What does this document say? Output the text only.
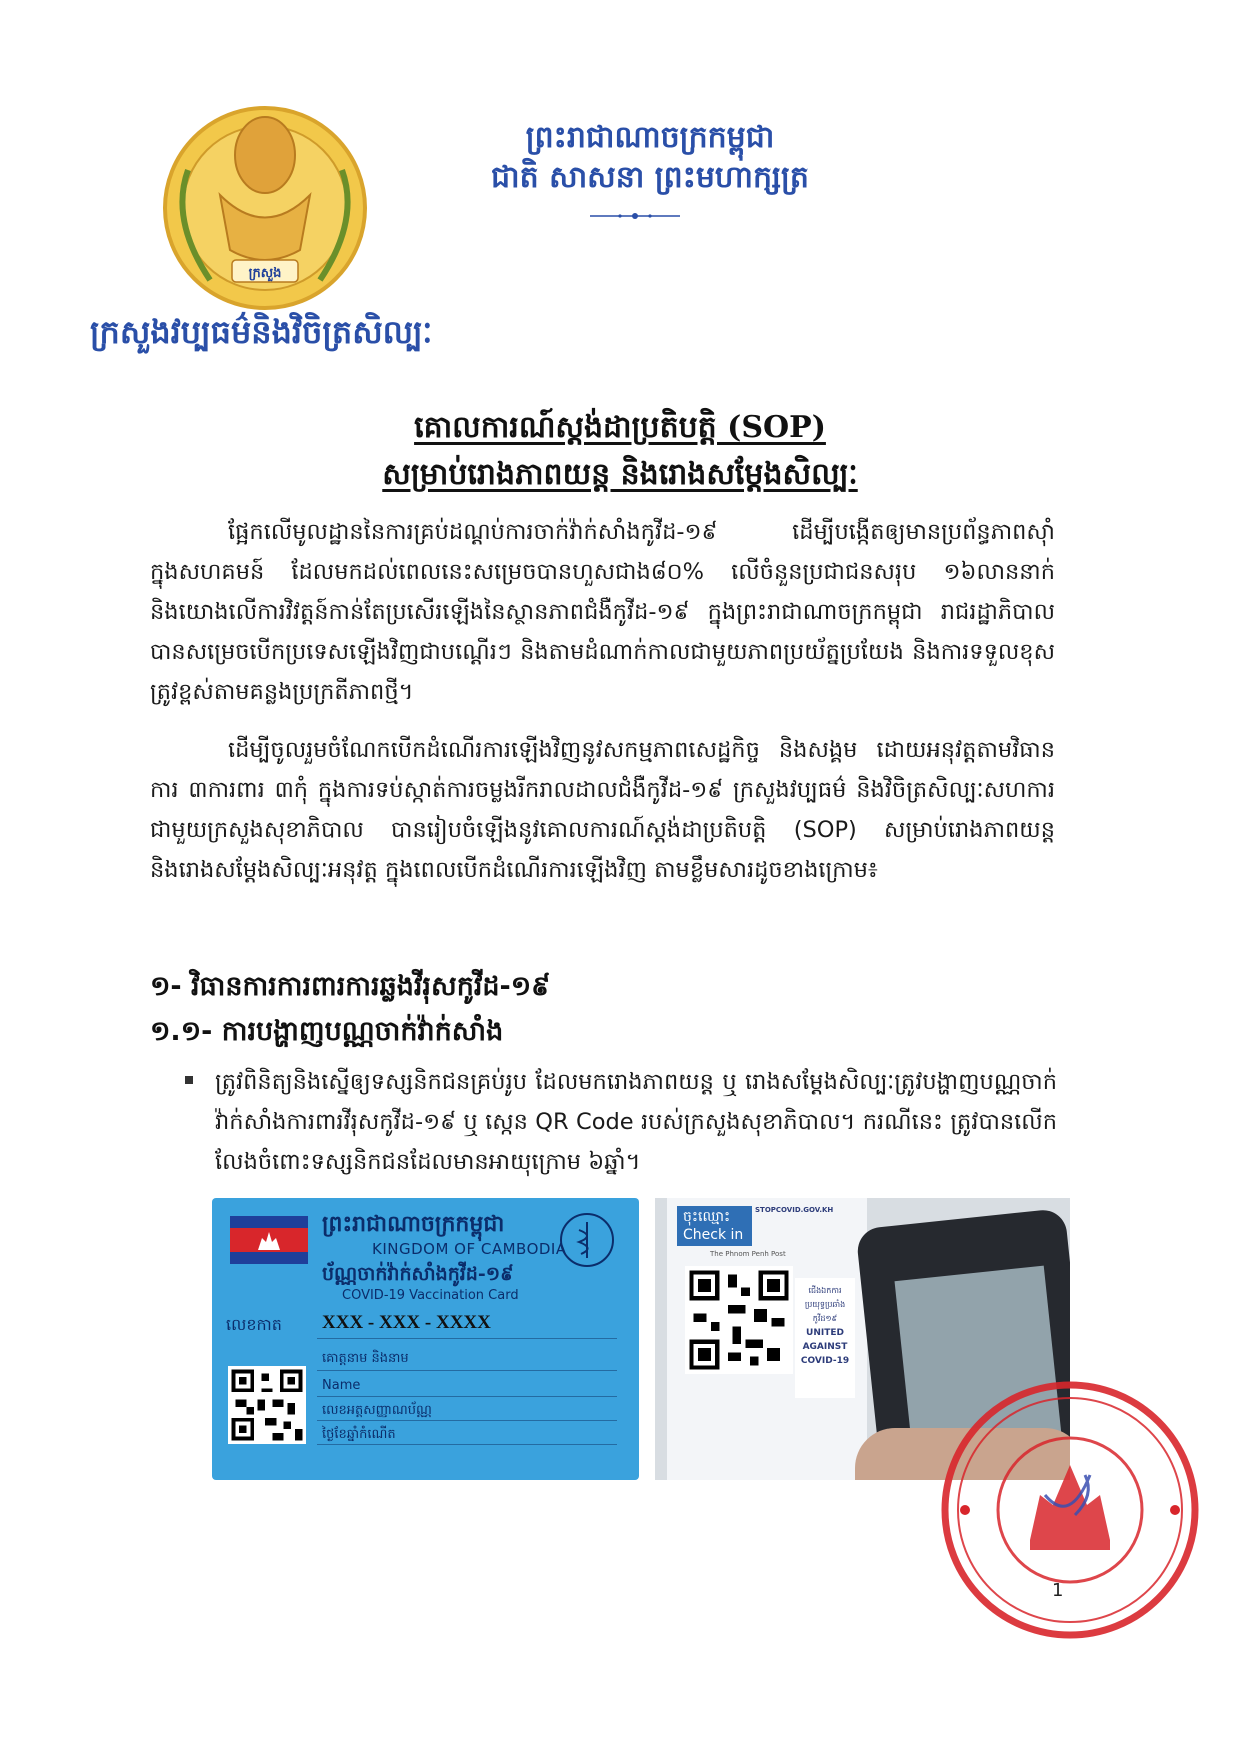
ក្រសួង
ព្រះរាជាណាចក្រកម្ពុជា
ជាតិ សាសនា ព្រះមហាក្សត្រ
ក្រសួងវប្បធម៌និងវិចិត្រសិល្បៈ
គោលការណ៍ស្តង់ដាប្រតិបត្តិ (SOP)
សម្រាប់រោងភាពយន្ត និងរោងសម្តែងសិល្បៈ
ផ្អែកលើមូលដ្ឋាននៃការគ្រប់ដណ្តប់ការចាក់វ៉ាក់សាំងកូវីដ-១៩ ដើម្បីបង្កើតឲ្យមានប្រព័ន្ធភាពស៊ាំក្នុងសហគមន៍ ដែលមកដល់ពេលនេះសម្រេចបានហួសជាង៨០% លើចំនួនប្រជាជនសរុប ១៦លាននាក់ និងយោងលើការវិវត្តន៍កាន់តែប្រសើរឡើងនៃស្ថានភាពជំងឺកូវីដ-១៩ ក្នុងព្រះរាជាណាចក្រកម្ពុជា រាជរដ្ឋាភិបាលបានសម្រេចបើកប្រទេសឡើងវិញជាបណ្តើរៗ និងតាមដំណាក់កាលជាមួយភាពប្រយ័ត្នប្រយែង និងការទទួលខុសត្រូវខ្ពស់តាមគន្លងប្រក្រតីភាពថ្មី។
ដើម្បីចូលរួមចំណែកបើកដំណើរការឡើងវិញនូវសកម្មភាពសេដ្ឋកិច្ច និងសង្គម ដោយអនុវត្តតាមវិធានការ ៣ការពារ ៣កុំ ក្នុងការទប់ស្កាត់ការចម្លងរីករាលដាលជំងឺកូវីដ-១៩ ក្រសួងវប្បធម៌ និងវិចិត្រសិល្បៈសហការជាមួយក្រសួងសុខាភិបាល បានរៀបចំឡើងនូវគោលការណ៍ស្តង់ដាប្រតិបត្តិ (SOP) សម្រាប់រោងភាពយន្ត និងរោងសម្តែងសិល្បៈអនុវត្ត ក្នុងពេលបើកដំណើរការឡើងវិញ តាមខ្លឹមសារដូចខាងក្រោម៖
១- វិធានការការពារការឆ្លងវីរុសកូវីដ-១៩
១.១- ការបង្ហាញបណ្ណចាក់វ៉ាក់សាំង
ត្រូវពិនិត្យនិងស្នើឲ្យទស្សនិកជនគ្រប់រូប ដែលមករោងភាពយន្ត ឬ រោងសម្តែងសិល្បៈត្រូវបង្ហាញបណ្ណចាក់វ៉ាក់សាំងការពារវីរុសកូវីដ-១៩ ឬ ស្កេន QR Code របស់ក្រសួងសុខាភិបាល។ ករណីនេះ ត្រូវបានលើកលែងចំពោះទស្សនិកជនដែលមានអាយុក្រោម ៦ឆ្នាំ។
ព្រះរាជាណាចក្រកម្ពុជា
KINGDOM OF CAMBODIA
ប័ណ្ណចាក់វ៉ាក់សាំងកូវីដ-១៩
COVID-19 Vaccination Card
លេខកាត XXX - XXX - XXXX
គោត្តនាម និងនាម
Name
លេខអត្តសញ្ញាណប័ណ្ណ
ថ្ងៃខែឆ្នាំកំណើត
ចុះឈ្មោះ
Check in
STOPCOVID.GOV.KH
The Phnom Penh Post
ជើងឯកការ
ប្រយុទ្ធប្រឆាំង
កូវីដ១៩
UNITED
AGAINST
COVID-19
1
